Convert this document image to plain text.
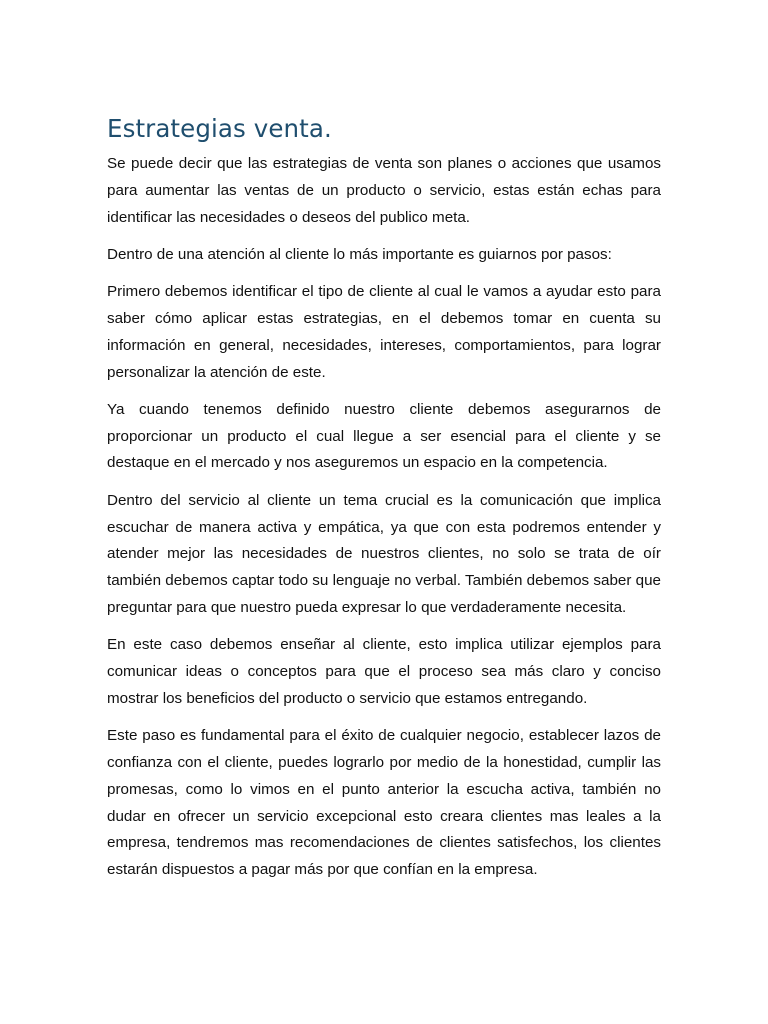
Estrategias venta.

Se puede decir que las estrategias de venta son planes o acciones que usamos para aumentar las ventas de un producto o servicio, estas están echas para identificar las necesidades o deseos del publico meta.

Dentro de una atención al cliente lo más importante es guiarnos por pasos:

Primero debemos identificar el tipo de cliente al cual le vamos a ayudar esto para saber cómo aplicar estas estrategias, en el debemos tomar en cuenta su información en general, necesidades, intereses, comportamientos, para lograr personalizar la atención de este.

Ya cuando tenemos definido nuestro cliente debemos asegurarnos de proporcionar un producto el cual llegue a ser esencial para el cliente y se destaque en el mercado y nos aseguremos un espacio en la competencia.

Dentro del servicio al cliente un tema crucial es la comunicación que implica escuchar de manera activa y empática, ya que con esta podremos entender y atender mejor las necesidades de nuestros clientes, no solo se trata de oír también debemos captar todo su lenguaje no verbal. También debemos saber que preguntar para que nuestro pueda expresar lo que verdaderamente necesita.

En este caso debemos enseñar al cliente, esto implica utilizar ejemplos para comunicar ideas o conceptos para que el proceso sea más claro y conciso mostrar los beneficios del producto o servicio que estamos entregando.

Este paso es fundamental para el éxito de cualquier negocio, establecer lazos de confianza con el cliente, puedes lograrlo por medio de la honestidad, cumplir las promesas, como lo vimos en el punto anterior la escucha activa, también no dudar en ofrecer un servicio excepcional esto creara clientes mas leales a la empresa, tendremos mas recomendaciones de clientes satisfechos, los clientes estarán dispuestos a pagar más por que confían en la empresa.
